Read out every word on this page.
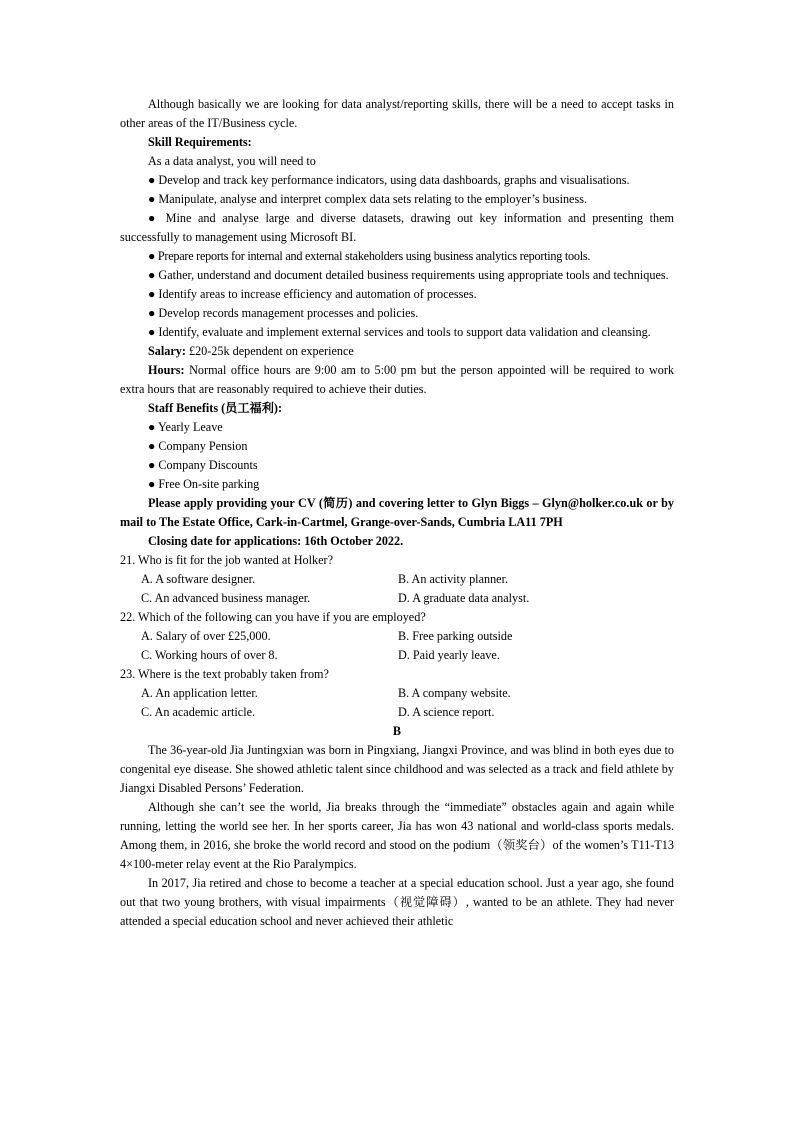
Although basically we are looking for data analyst/reporting skills, there will be a need to accept tasks in other areas of the IT/Business cycle.

Skill Requirements:

As a data analyst, you will need to

● Develop and track key performance indicators, using data dashboards, graphs and visualisations.

● Manipulate, analyse and interpret complex data sets relating to the employer’s business.

● Mine and analyse large and diverse datasets, drawing out key information and presenting them successfully to management using Microsoft BI.

● Prepare reports for internal and external stakeholders using business analytics reporting tools.

● Gather, understand and document detailed business requirements using appropriate tools and techniques.

● Identify areas to increase efficiency and automation of processes.

● Develop records management processes and policies.

● Identify, evaluate and implement external services and tools to support data validation and cleansing.

Salary: £20-25k dependent on experience

Hours: Normal office hours are 9:00 am to 5:00 pm but the person appointed will be required to work extra hours that are reasonably required to achieve their duties.

Staff Benefits (员工福利):

● Yearly Leave

● Company Pension

● Company Discounts

● Free On-site parking

Please apply providing your CV (简历) and covering letter to Glyn Biggs – Glyn@holker.co.uk or by mail to The Estate Office, Cark-in-Cartmel, Grange-over-Sands, Cumbria LA11 7PH

Closing date for applications: 16th October 2022.

21. Who is fit for the job wanted at Holker?

A. A software designer.	B. An activity planner.
C. An advanced business manager.	D. A graduate data analyst.

22. Which of the following can you have if you are employed?

A. Salary of over £25,000.	B. Free parking outside
C. Working hours of over 8.	D. Paid yearly leave.

23. Where is the text probably taken from?

A. An application letter.	B. A company website.
C. An academic article.	D. A science report.

B

The 36-year-old Jia Juntingxian was born in Pingxiang, Jiangxi Province, and was blind in both eyes due to congenital eye disease. She showed athletic talent since childhood and was selected as a track and field athlete by Jiangxi Disabled Persons’ Federation.

Although she can’t see the world, Jia breaks through the “immediate” obstacles again and again while running, letting the world see her. In her sports career, Jia has won 43 national and world-class sports medals. Among them, in 2016, she broke the world record and stood on the podium（领奖台）of the women’s T11-T13 4×100-meter relay event at the Rio Paralympics.

In 2017, Jia retired and chose to become a teacher at a special education school. Just a year ago, she found out that two young brothers, with visual impairments（视觉障碍）, wanted to be an athlete. They had never attended a special education school and never achieved their athletic
